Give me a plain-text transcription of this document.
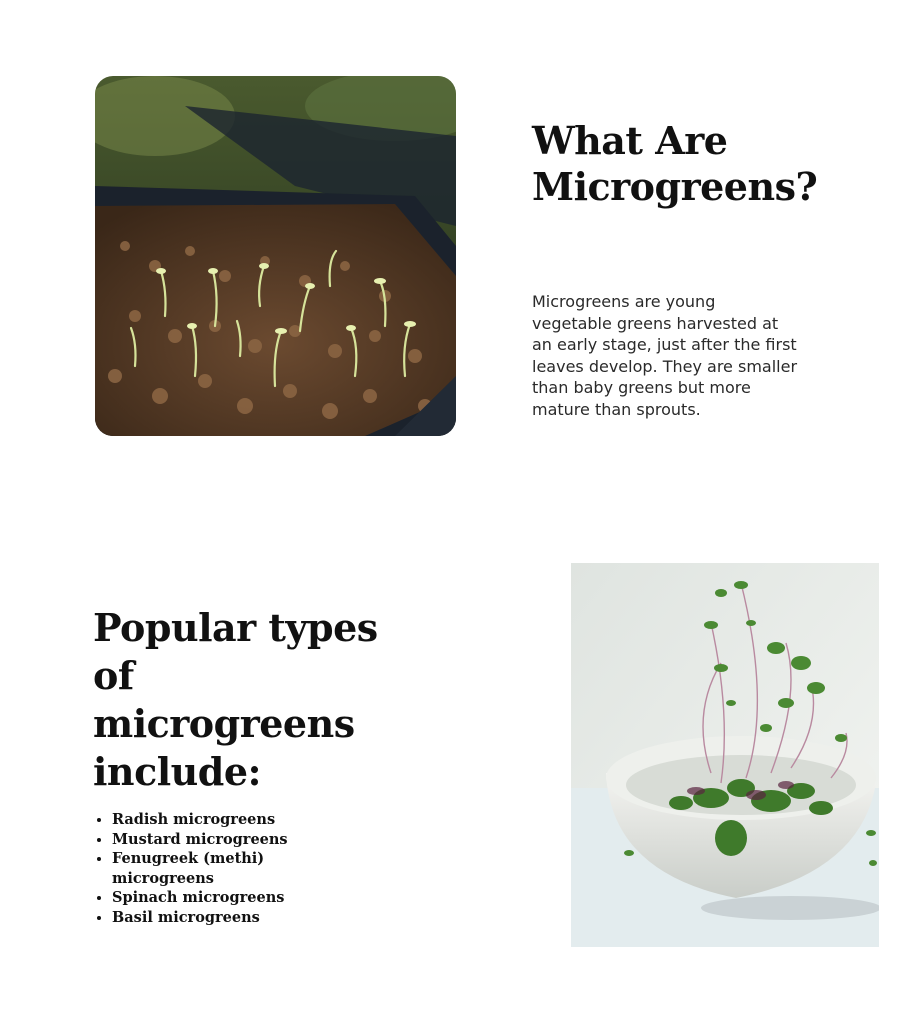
What Are Microgreens?

Microgreens are young vegetable greens harvested at an early stage, just after the first leaves develop. They are smaller than baby greens but more mature than sprouts.

Popular types of microgreens include:
• Radish microgreens
• Mustard microgreens
• Fenugreek (methi) microgreens
• Spinach microgreens
• Basil microgreens
